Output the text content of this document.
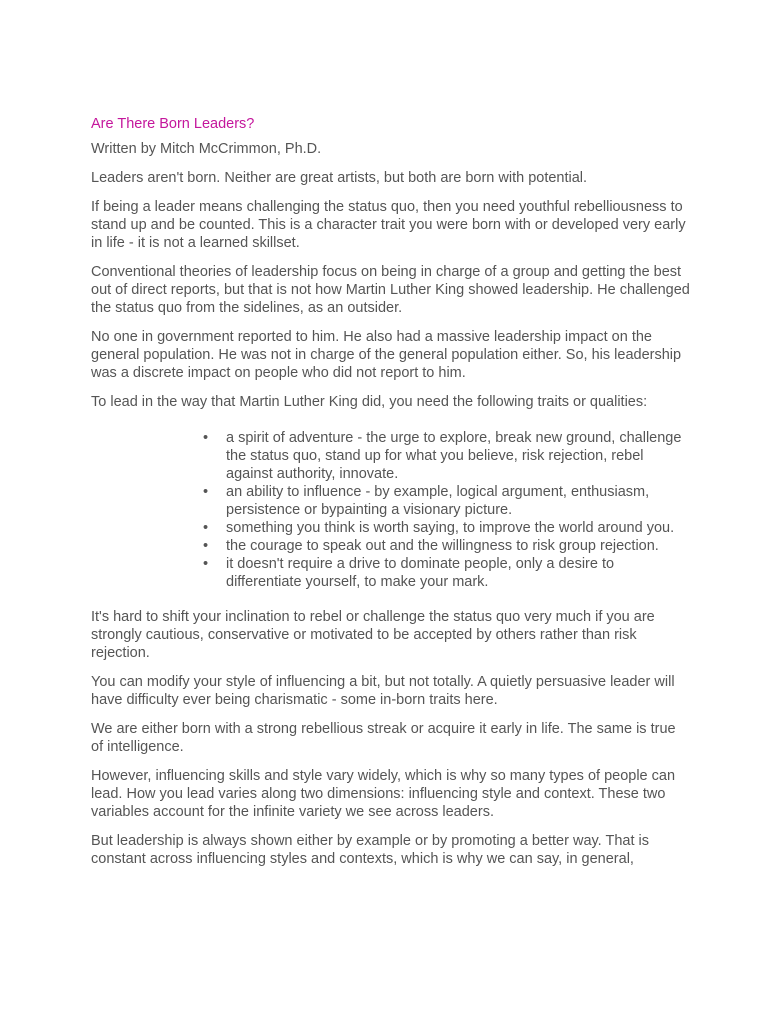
Are There Born Leaders?
Written by Mitch McCrimmon, Ph.D.

Leaders aren't born. Neither are great artists, but both are born with potential.

If being a leader means challenging the status quo, then you need youthful rebelliousness to stand up and be counted. This is a character trait you were born with or developed very early in life - it is not a learned skillset.

Conventional theories of leadership focus on being in charge of a group and getting the best out of direct reports, but that is not how Martin Luther King showed leadership. He challenged the status quo from the sidelines, as an outsider.

No one in government reported to him. He also had a massive leadership impact on the general population. He was not in charge of the general population either. So, his leadership was a discrete impact on people who did not report to him.

To lead in the way that Martin Luther King did, you need the following traits or qualities:

• a spirit of adventure - the urge to explore, break new ground, challenge the status quo, stand up for what you believe, risk rejection, rebel against authority, innovate.
• an ability to influence - by example, logical argument, enthusiasm, persistence or bypainting a visionary picture.
• something you think is worth saying, to improve the world around you.
• the courage to speak out and the willingness to risk group rejection.
• it doesn't require a drive to dominate people, only a desire to differentiate yourself, to make your mark.

It's hard to shift your inclination to rebel or challenge the status quo very much if you are strongly cautious, conservative or motivated to be accepted by others rather than risk rejection.

You can modify your style of influencing a bit, but not totally. A quietly persuasive leader will have difficulty ever being charismatic - some in-born traits here.

We are either born with a strong rebellious streak or acquire it early in life. The same is true of intelligence.

However, influencing skills and style vary widely, which is why so many types of people can lead. How you lead varies along two dimensions: influencing style and context. These two variables account for the infinite variety we see across leaders.

But leadership is always shown either by example or by promoting a better way. That is constant across influencing styles and contexts, which is why we can say, in general,
